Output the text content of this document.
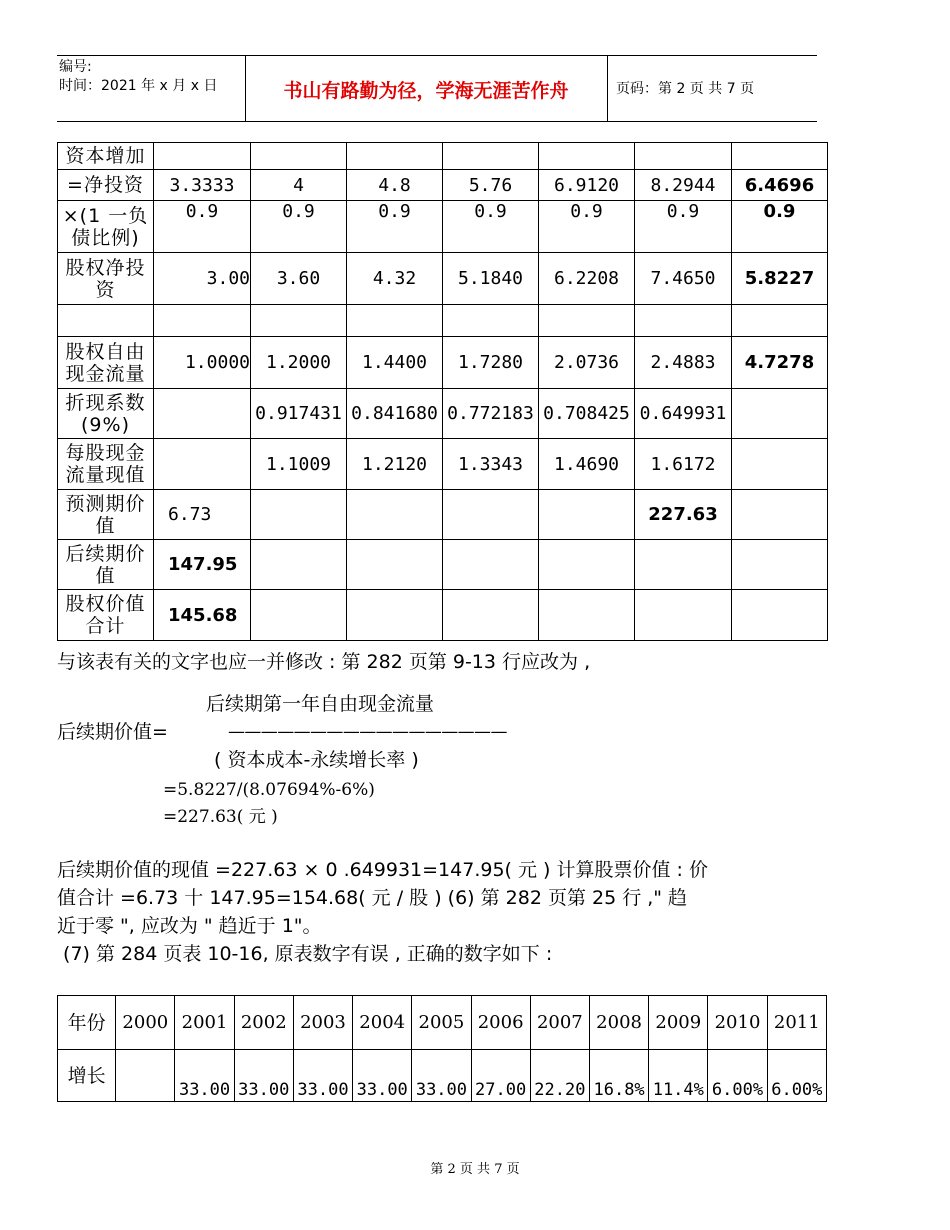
编号:
时间：2021 年 x 月 x 日	书山有路勤为径，学海无涯苦作舟	页码：第 2 页 共 7 页
资本增加							
=净投资	3.3333	4	4.8	5.76	6.9120	8.2944	6.4696
×(1 一负债比例)	0.9	0.9	0.9	0.9	0.9	0.9	0.9
股权净投资	3.00	3.60	4.32	5.1840	6.2208	7.4650	5.8227

股权自由现金流量	1.0000	1.2000	1.4400	1.7280	2.0736	2.4883	4.7278
折现系数(9%)		0.917431	0.841680	0.772183	0.708425	0.649931	
每股现金流量现值		1.1009	1.2120	1.3343	1.4690	1.6172	
预测期价值	6.73					227.63	
后续期价值	147.95						
股权价值合计	145.68						
与该表有关的文字也应一并修改 : 第 282 页第 9-13 行应改为 ,
后续期第一年自由现金流量
后续期价值=	— — — — — — — — — — — — — — — — —
( 资本成本-永续增长率 )
=5.8227/(8.07694%-6%)
=227.63( 元 )
后续期价值的现值 =227.63 × 0 .649931=147.95( 元 ) 计算股票价值 : 价
值合计 =6.73 十 147.95=154.68( 元 / 股 ) (6) 第 282 页第 25 行 ," 趋
近于零 ", 应改为 " 趋近于 1"。
(7) 第 284 页表 10-16, 原表数字有误 , 正确的数字如下 :
年份	2000	2001	2002	2003	2004	2005	2006	2007	2008	2009	2010	2011
增长		33.00	33.00	33.00	33.00	33.00	27.00	22.20	16.8%	11.4%	6.00%	6.00%
第 2 页 共 7 页
